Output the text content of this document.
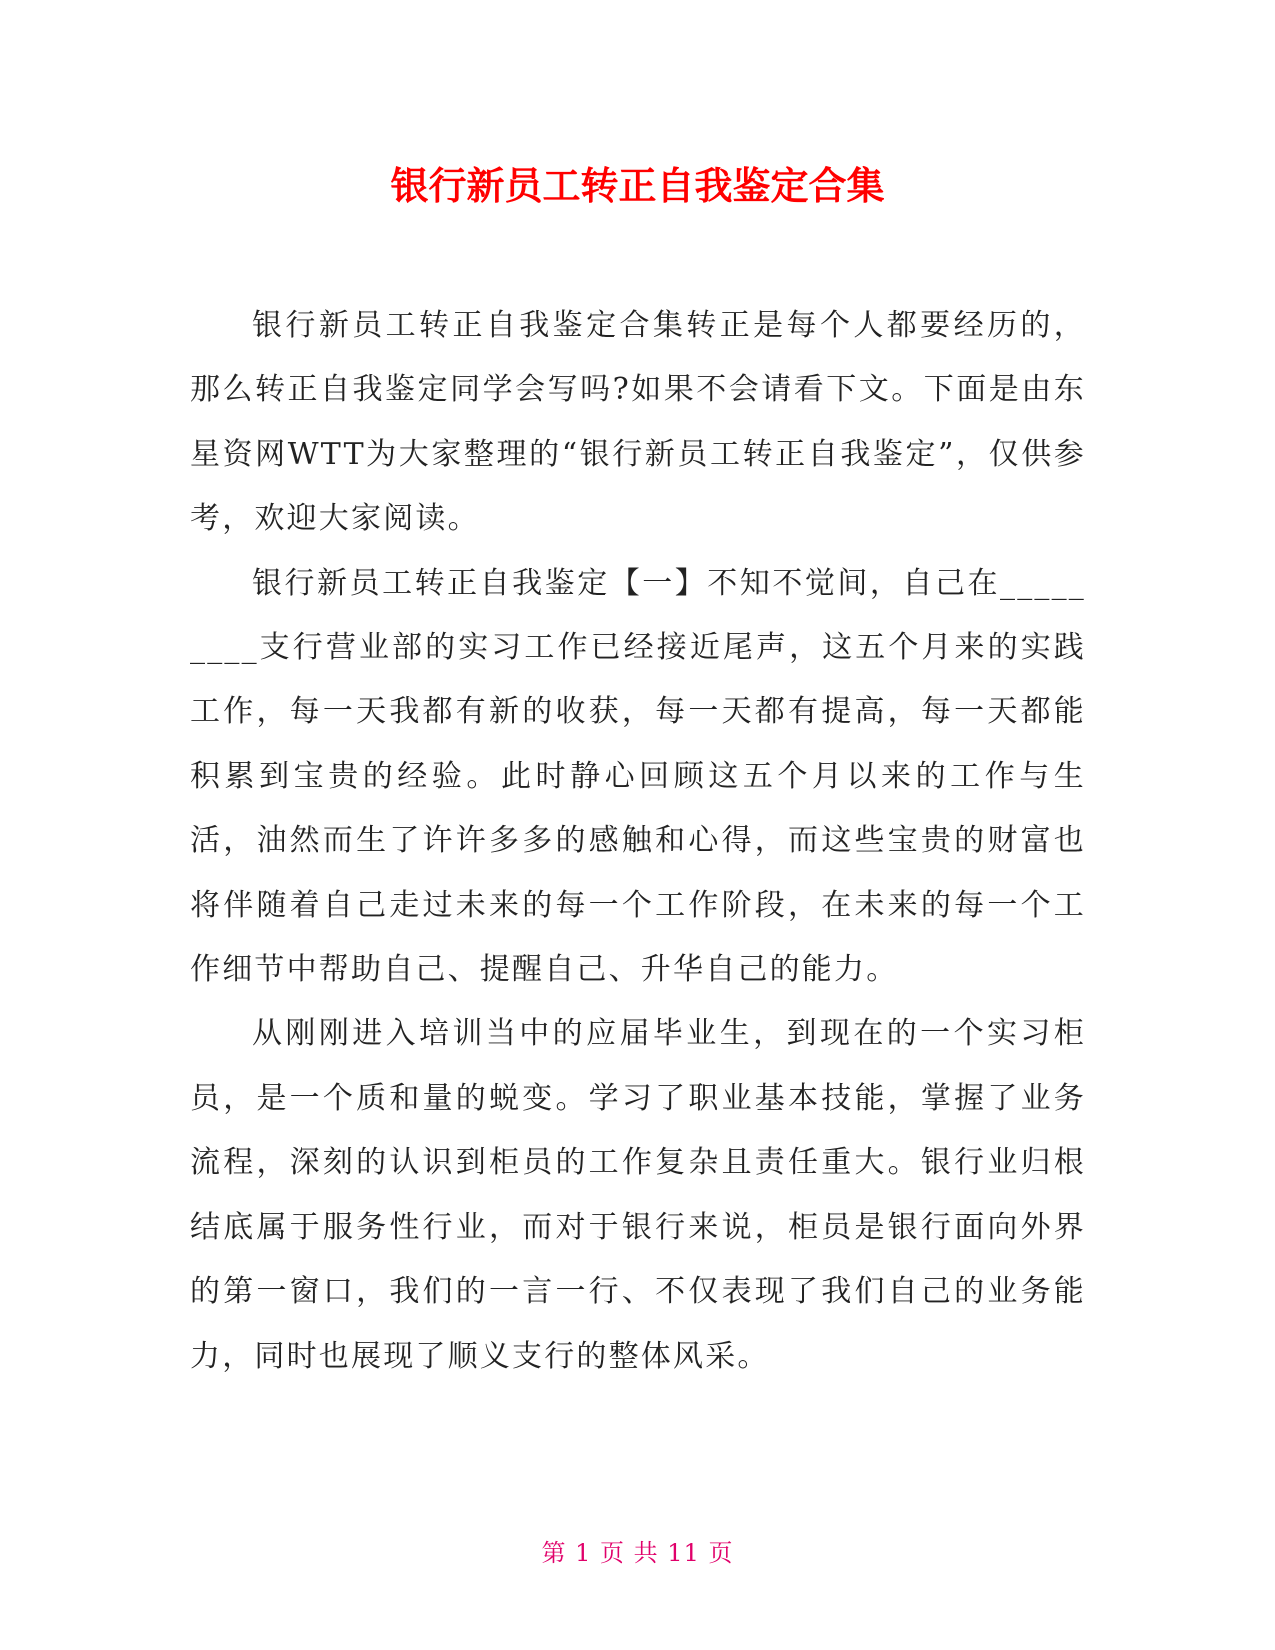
银行新员工转正自我鉴定合集

银行新员工转正自我鉴定合集转正是每个人都要经历的，那么转正自我鉴定同学会写吗?如果不会请看下文。下面是由东星资网WTT为大家整理的“银行新员工转正自我鉴定”，仅供参考，欢迎大家阅读。

银行新员工转正自我鉴定【一】不知不觉间，自己在_________支行营业部的实习工作已经接近尾声，这五个月来的实践工作，每一天我都有新的收获，每一天都有提高，每一天都能积累到宝贵的经验。此时静心回顾这五个月以来的工作与生活，油然而生了许许多多的感触和心得，而这些宝贵的财富也将伴随着自己走过未来的每一个工作阶段，在未来的每一个工作细节中帮助自己、提醒自己、升华自己的能力。

从刚刚进入培训当中的应届毕业生，到现在的一个实习柜员，是一个质和量的蜕变。学习了职业基本技能，掌握了业务流程，深刻的认识到柜员的工作复杂且责任重大。银行业归根结底属于服务性行业，而对于银行来说，柜员是银行面向外界的第一窗口，我们的一言一行、不仅表现了我们自己的业务能力，同时也展现了顺义支行的整体风采。

第 1 页 共 11 页
